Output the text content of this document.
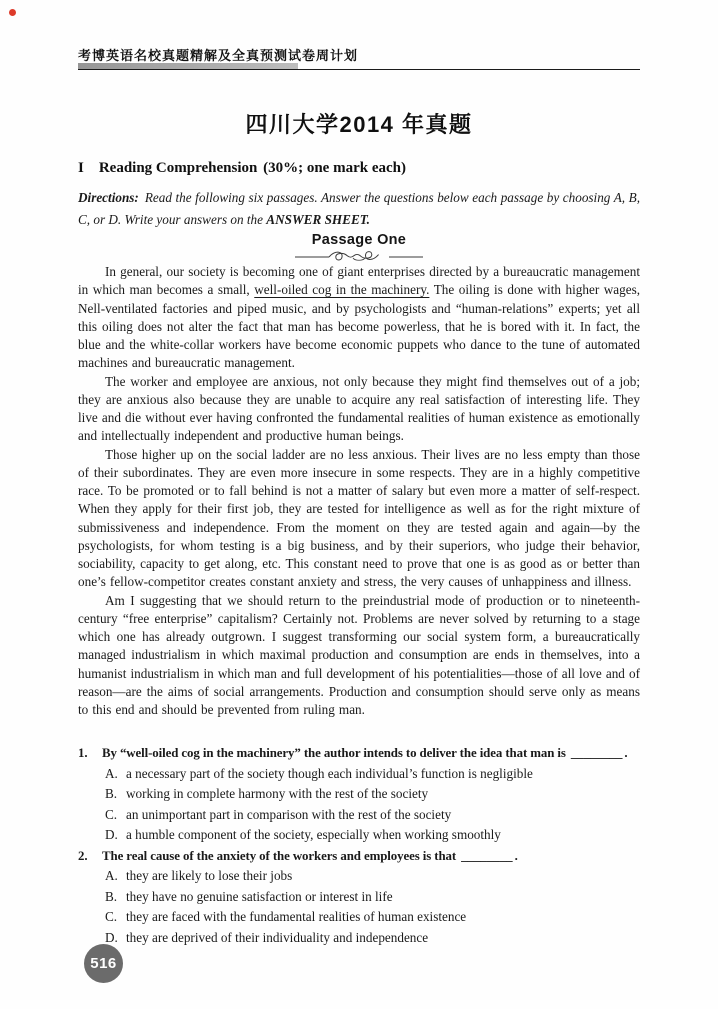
考博英语名校真题精解及全真预测试卷周计划
四川大学2014 年真题
I Reading Comprehension (30%; one mark each)
Directions: Read the following six passages. Answer the questions below each passage by choosing A, B, C, or D. Write your answers on the ANSWER SHEET.
Passage One

In general, our society is becoming one of giant enterprises directed by a bureaucratic management in which man becomes a small, well-oiled cog in the machinery. The oiling is done with higher wages, Nell-ventilated factories and piped music, and by psychologists and “human-relations” experts; yet all this oiling does not alter the fact that man has become powerless, that he is bored with it. In fact, the blue and the white-collar workers have become economic puppets who dance to the tune of automated machines and bureaucratic management.

The worker and employee are anxious, not only because they might find themselves out of a job; they are anxious also because they are unable to acquire any real satisfaction of interesting life. They live and die without ever having confronted the fundamental realities of human existence as emotionally and intellectually independent and productive human beings.

Those higher up on the social ladder are no less anxious. Their lives are no less empty than those of their subordinates. They are even more insecure in some respects. They are in a highly competitive race. To be promoted or to fall behind is not a matter of salary but even more a matter of self-respect. When they apply for their first job, they are tested for intelligence as well as for the right mixture of submissiveness and independence. From the moment on they are tested again and again—by the psychologists, for whom testing is a big business, and by their superiors, who judge their behavior, sociability, capacity to get along, etc. This constant need to prove that one is as good as or better than one’s fellow-competitor creates constant anxiety and stress, the very causes of unhappiness and illness.

Am I suggesting that we should return to the preindustrial mode of production or to nineteenth-century “free enterprise” capitalism? Certainly not. Problems are never solved by returning to a stage which one has already outgrown. I suggest transforming our social system form, a bureaucratically managed industrialism in which maximal production and consumption are ends in themselves, into a humanist industrialism in which man and full development of his potentialities—those of all love and of reason—are the aims of social arrangements. Production and consumption should serve only as means to this end and should be prevented from ruling man.

1. By “well-oiled cog in the machinery” the author intends to deliver the idea that man is ________ .
A. a necessary part of the society though each individual’s function is negligible
B. working in complete harmony with the rest of the society
C. an unimportant part in comparison with the rest of the society
D. a humble component of the society, especially when working smoothly
2. The real cause of the anxiety of the workers and employees is that ________ .
A. they are likely to lose their jobs
B. they have no genuine satisfaction or interest in life
C. they are faced with the fundamental realities of human existence
D. they are deprived of their individuality and independence
516
